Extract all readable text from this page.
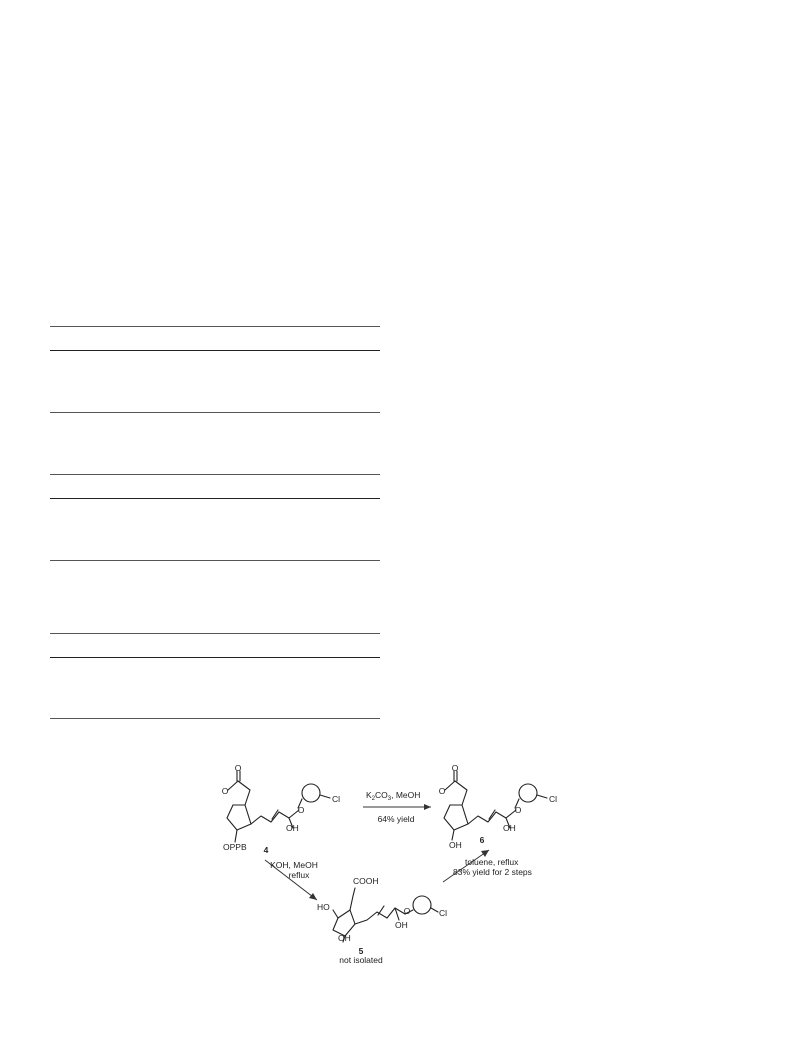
O
O
O
OH
Cl
OPPB 4
$K_2CO_3$, MeOH
64% yield
O
O
O
OH
OH
Cl
6
KOH, MeOH
reflux
toluene, reflux
83% yield for 2 steps
COOH
HO	O
OH
OH
Cl
5
not isolated
